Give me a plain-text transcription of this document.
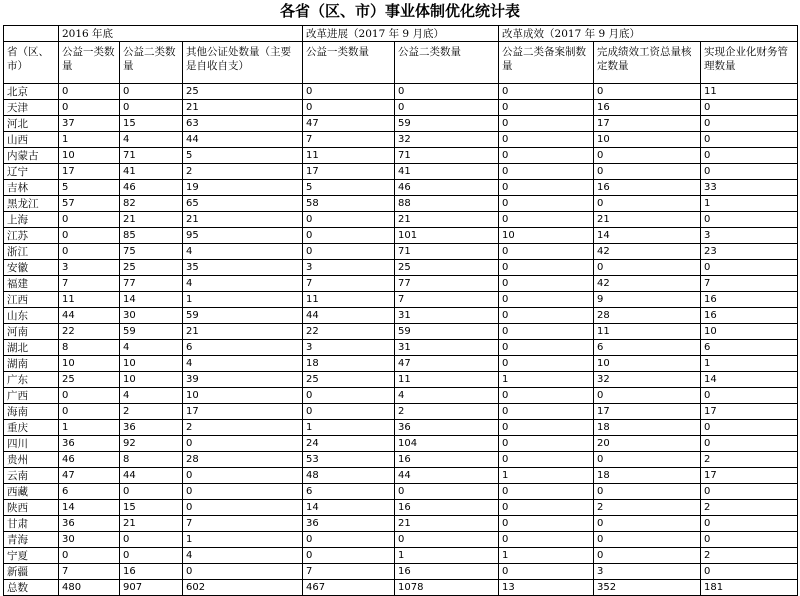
各省（区、市）事业体制优化统计表
	2016 年底			改革进展（2017 年 9 月底）		改革成效（2017 年 9 月底）		
省（区、市）	公益一类数量	公益二类数量	其他公证处数量（主要是自收自支）	公益一类数量	公益二类数量	公益二类备案制数量	完成绩效工资总量核定数量	实现企业化财务管理数量
北京	0	0	25	0	0	0	0	11
天津	0	0	21	0	0	0	16	0
河北	37	15	63	47	59	0	17	0
山西	1	4	44	7	32	0	10	0
内蒙古	10	71	5	11	71	0	0	0
辽宁	17	41	2	17	41	0	0	0
吉林	5	46	19	5	46	0	16	33
黑龙江	57	82	65	58	88	0	0	1
上海	0	21	21	0	21	0	21	0
江苏	0	85	95	0	101	10	14	3
浙江	0	75	4	0	71	0	42	23
安徽	3	25	35	3	25	0	0	0
福建	7	77	4	7	77	0	42	7
江西	11	14	1	11	7	0	9	16
山东	44	30	59	44	31	0	28	16
河南	22	59	21	22	59	0	11	10
湖北	8	4	6	3	31	0	6	6
湖南	10	10	4	18	47	0	10	1
广东	25	10	39	25	11	1	32	14
广西	0	4	10	0	4	0	0	0
海南	0	2	17	0	2	0	17	17
重庆	1	36	2	1	36	0	18	0
四川	36	92	0	24	104	0	20	0
贵州	46	8	28	53	16	0	0	2
云南	47	44	0	48	44	1	18	17
西藏	6	0	0	6	0	0	0	0
陕西	14	15	0	14	16	0	2	2
甘肃	36	21	7	36	21	0	0	0
青海	30	0	1	0	0	0	0	0
宁夏	0	0	4	0	1	1	0	2
新疆	7	16	0	7	16	0	3	0
总数	480	907	602	467	1078	13	352	181
